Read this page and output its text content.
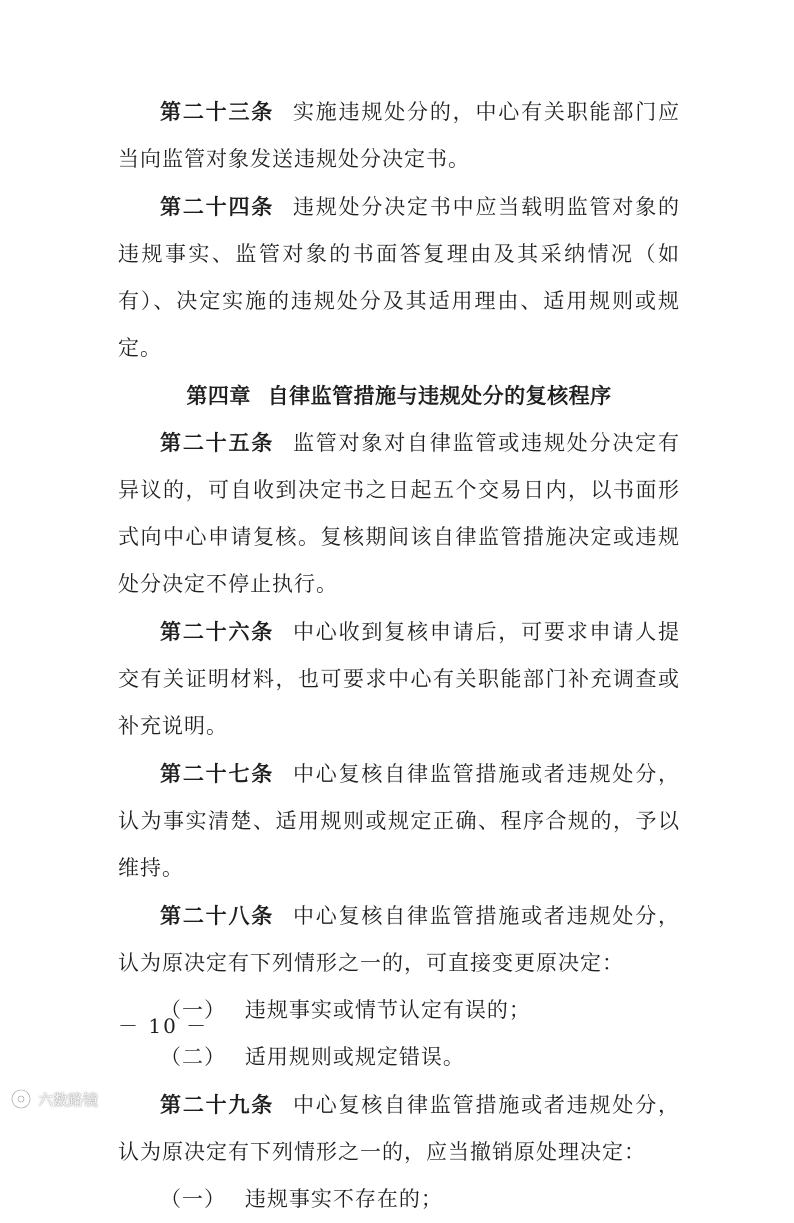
第二十三条 实施违规处分的，中心有关职能部门应当向监管对象发送违规处分决定书。

第二十四条 违规处分决定书中应当载明监管对象的违规事实、监管对象的书面答复理由及其采纳情况（如有）、决定实施的违规处分及其适用理由、适用规则或规定。

第四章 自律监管措施与违规处分的复核程序

第二十五条 监管对象对自律监管或违规处分决定有异议的，可自收到决定书之日起五个交易日内，以书面形式向中心申请复核。复核期间该自律监管措施决定或违规处分决定不停止执行。

第二十六条 中心收到复核申请后，可要求申请人提交有关证明材料，也可要求中心有关职能部门补充调查或补充说明。

第二十七条 中心复核自律监管措施或者违规处分，认为事实清楚、适用规则或规定正确、程序合规的，予以维持。

第二十八条 中心复核自律监管措施或者违规处分，认为原决定有下列情形之一的，可直接变更原决定：

（一） 违规事实或情节认定有误的；

（二） 适用规则或规定错误。

第二十九条 中心复核自律监管措施或者违规处分，认为原决定有下列情形之一的，应当撤销原处理决定：

（一） 违规事实不存在的；

－ 10 －
六数路镜
